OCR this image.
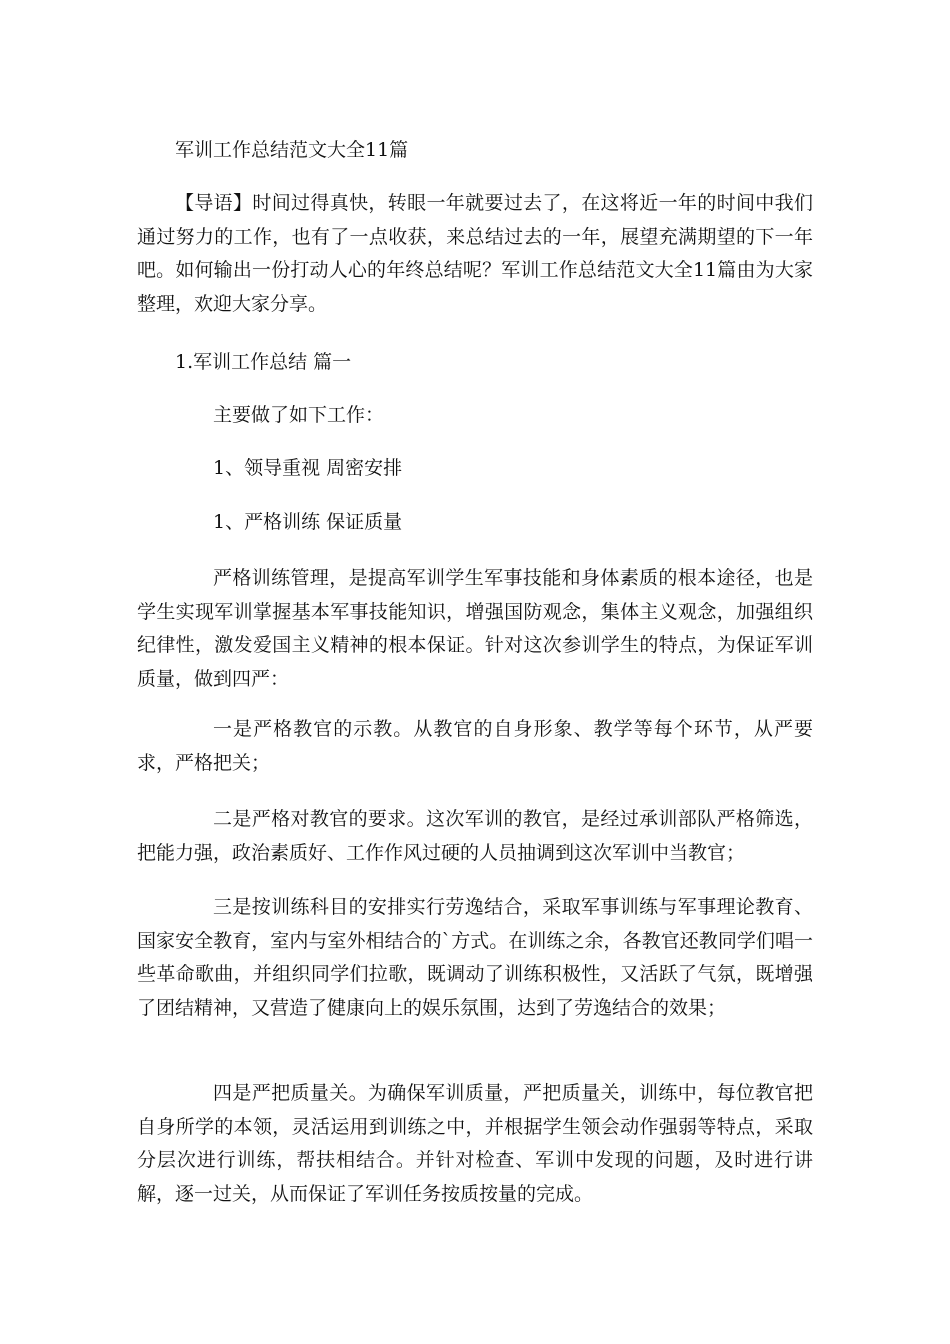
军训工作总结范文大全11篇
【导语】时间过得真快，转眼一年就要过去了，在这将近一年的时间中我们通过努力的工作，也有了一点收获，来总结过去的一年，展望充满期望的下一年吧。如何输出一份打动人心的年终总结呢？军训工作总结范文大全11篇由为大家整理，欢迎大家分享。
1.军训工作总结 篇一
主要做了如下工作：
1、领导重视 周密安排
1、严格训练 保证质量
严格训练管理，是提高军训学生军事技能和身体素质的根本途径，也是学生实现军训掌握基本军事技能知识，增强国防观念，集体主义观念，加强组织纪律性，激发爱国主义精神的根本保证。针对这次参训学生的特点，为保证军训质量，做到四严：
一是严格教官的示教。从教官的自身形象、教学等每个环节，从严要求，严格把关；
二是严格对教官的要求。这次军训的教官，是经过承训部队严格筛选，把能力强，政治素质好、工作作风过硬的人员抽调到这次军训中当教官；
三是按训练科目的安排实行劳逸结合，采取军事训练与军事理论教育、国家安全教育，室内与室外相结合的`方式。在训练之余，各教官还教同学们唱一些革命歌曲，并组织同学们拉歌，既调动了训练积极性，又活跃了气氛，既增强了团结精神，又营造了健康向上的娱乐氛围，达到了劳逸结合的效果；
四是严把质量关。为确保军训质量，严把质量关，训练中，每位教官把自身所学的本领，灵活运用到训练之中，并根据学生领会动作强弱等特点，采取分层次进行训练，帮扶相结合。并针对检查、军训中发现的问题，及时进行讲解，逐一过关，从而保证了军训任务按质按量的完成。
